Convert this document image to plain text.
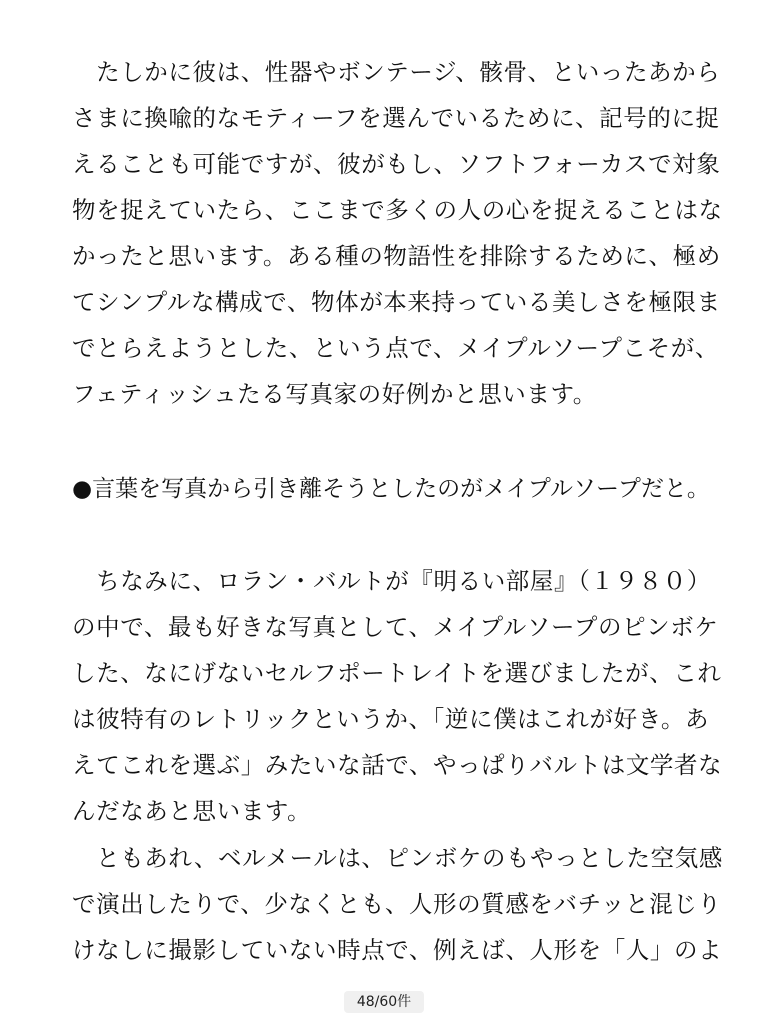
　たしかに彼は、性器やボンテージ、骸骨、といったあから
さまに換喩的なモティーフを選んでいるために、記号的に捉
えることも可能ですが、彼がもし、ソフトフォーカスで対象
物を捉えていたら、ここまで多くの人の心を捉えることはな
かったと思います。ある種の物語性を排除するために、極め
てシンプルな構成で、物体が本来持っている美しさを極限ま
でとらえようとした、という点で、メイプルソープこそが、
フェティッシュたる写真家の好例かと思います。
●言葉を写真から引き離そうとしたのがメイプルソープだと。
　ちなみに、ロラン・バルトが『明るい部屋』（１９８０）
の中で、最も好きな写真として、メイプルソープのピンボケ
した、なにげないセルフポートレイトを選びましたが、これ
は彼特有のレトリックというか、「逆に僕はこれが好き。あ
えてこれを選ぶ」みたいな話で、やっぱりバルトは文学者な
んだなあと思います。
　ともあれ、ベルメールは、ピンボケのもやっとした空気感
で演出したりで、少なくとも、人形の質感をバチッと混じり
けなしに撮影していない時点で、例えば、人形を「人」のよ
48/60件
